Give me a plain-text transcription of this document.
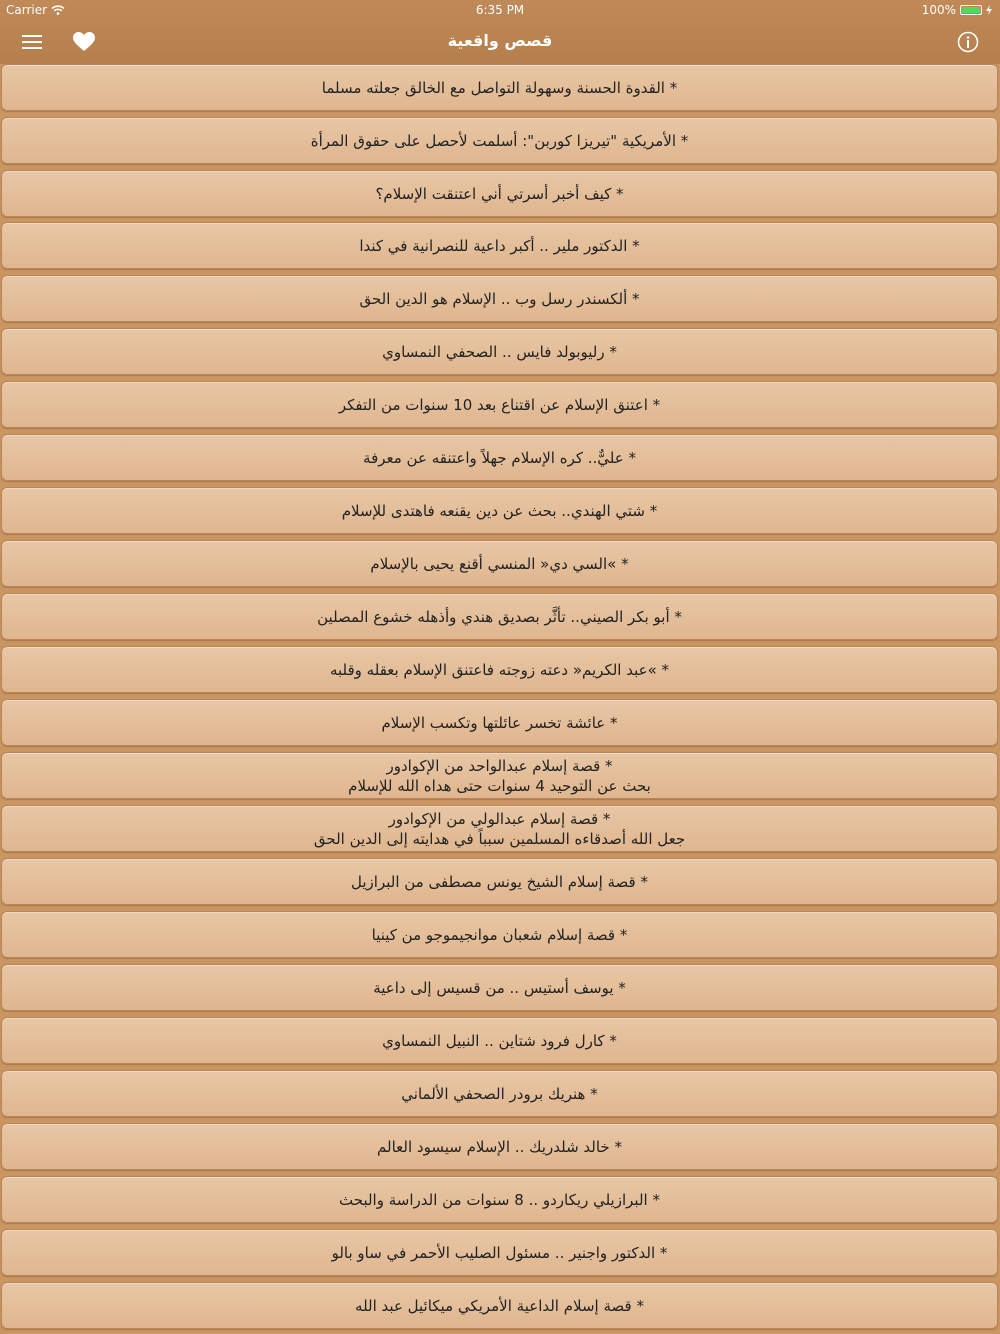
Carrier	6:35 PM	100%
قصص واقعية
* القدوة الحسنة وسهولة التواصل مع الخالق جعلته مسلما
* الأمريكية "تيريزا كوربن": أسلمت لأحصل على حقوق المرأة
* كيف أخبر أسرتي أني اعتنقت الإسلام؟
* الدكتور ملير .. أكبر داعية للنصرانية في كندا
* ألكسندر رسل وب .. الإسلام هو الدين الحق
* رليوبولد فايس .. الصحفي النمساوي
* اعتنق الإسلام عن اقتناع بعد 10 سنوات من التفكر
* عليٌّ.. كره الإسلام جهلاً واعتنقه عن معرفة
* شتي الهندي.. بحث عن دين يقنعه فاهتدى للإسلام
* »السي دي« المنسي أقنع يحيى بالإسلام
* أبو بكر الصيني.. تأثَّر بصديق هندي وأذهله خشوع المصلين
* »عبد الكريم« دعته زوجته فاعتنق الإسلام بعقله وقلبه
* عائشة تخسر عائلتها وتكسب الإسلام
* قصة إسلام عبدالواحد من الإكوادور
بحث عن التوحيد 4 سنوات حتى هداه الله للإسلام
* قصة إسلام عبدالولي من الإكوادور
جعل الله أصدقاءه المسلمين سبباً في هدايته إلى الدين الحق
* قصة إسلام الشيخ يونس مصطفى من البرازيل
* قصة إسلام شعبان موانجيموجو من كينيا
* يوسف أستيس .. من قسيس إلى داعية
* كارل فرود شتاين .. النبيل النمساوي
* هنريك برودر الصحفي الألماني
* خالد شلدريك .. الإسلام سيسود العالم
* البرازيلي ريكاردو .. 8 سنوات من الدراسة والبحث
* الدكتور واجنير .. مسئول الصليب الأحمر في ساو بالو
* قصة إسلام الداعية الأمريكي ميكائيل عبد الله
